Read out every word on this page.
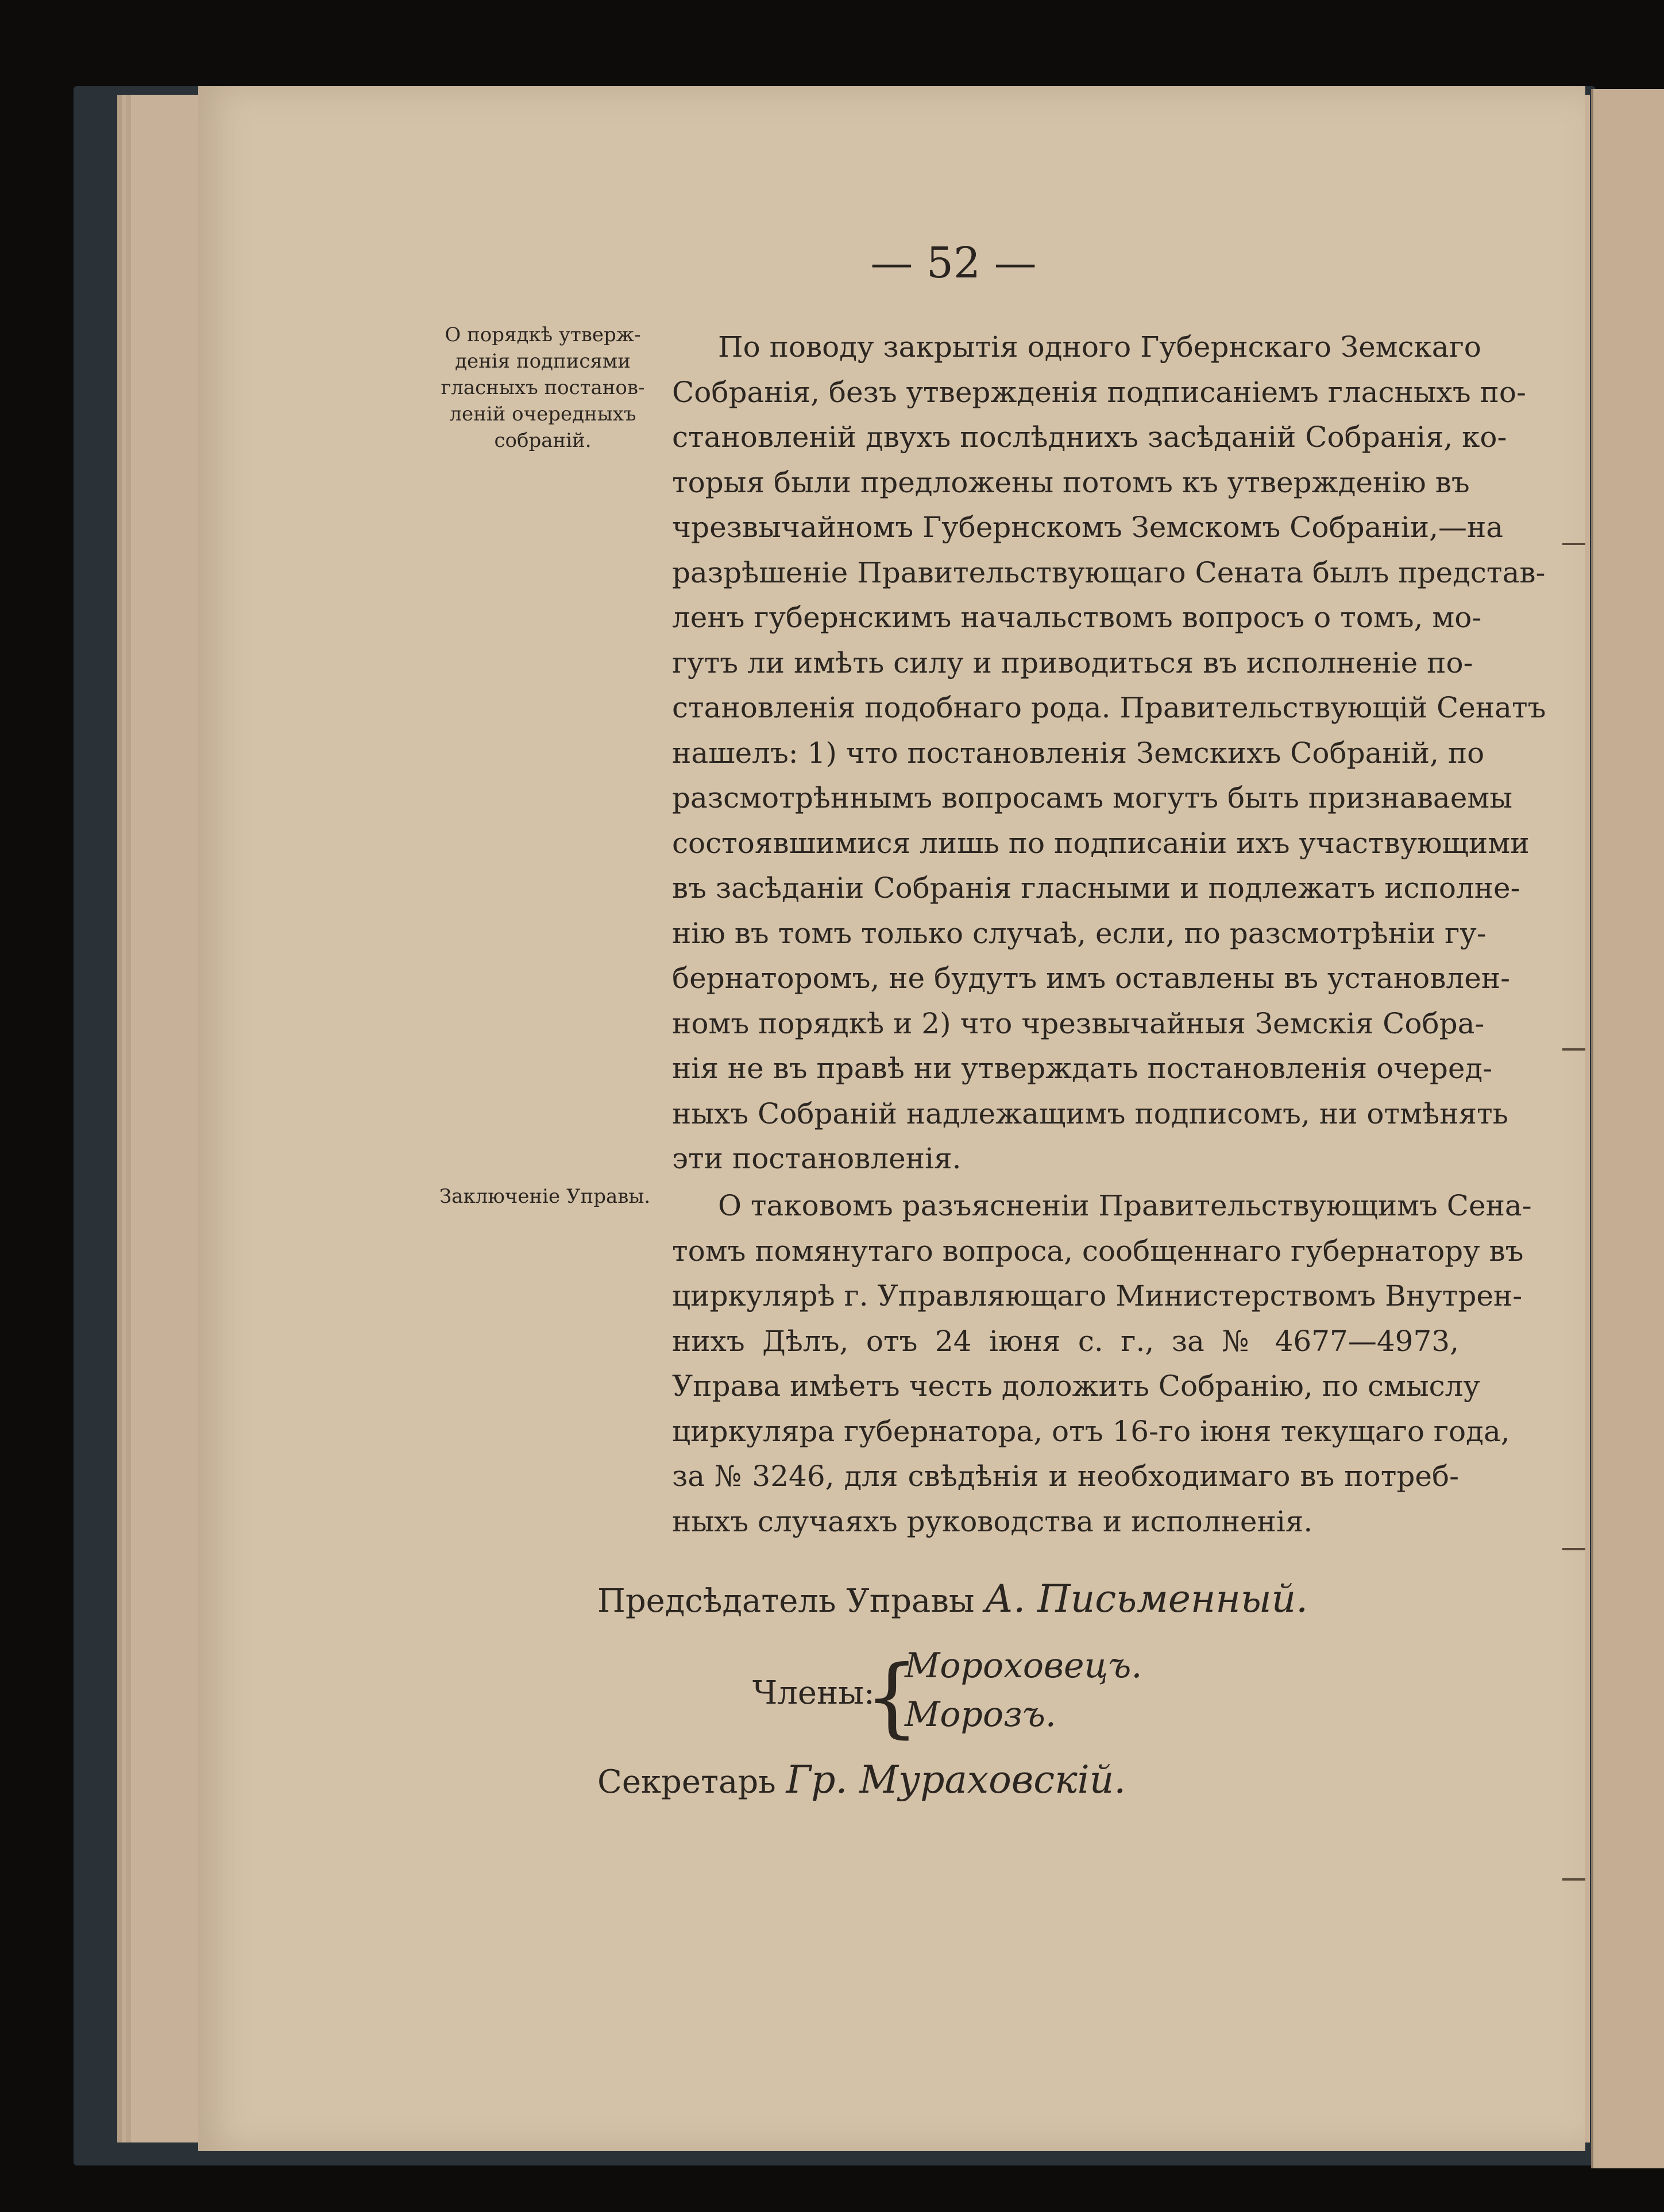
— 52 —
О порядкѣ утверж-
денія подписями
гласныхъ постанов-
леній очередныхъ
собраній.
По поводу закрытія одного Губернскаго Земскаго
Собранія, безъ утвержденія подписаніемъ гласныхъ по-
становленій двухъ послѣднихъ засѣданій Собранія, ко-
торыя были предложены потомъ къ утвержденію въ
чрезвычайномъ Губернскомъ Земскомъ Собраніи,—на
разрѣшеніе Правительствующаго Сената былъ представ-
ленъ губернскимъ начальствомъ вопросъ о томъ, мо-
гутъ ли имѣть силу и приводиться въ исполненіе по-
становленія подобнаго рода. Правительствующій Сенатъ
нашелъ: 1) что постановленія Земскихъ Собраній, по
разсмотрѣннымъ вопросамъ могутъ быть признаваемы
состоявшимися лишь по подписаніи ихъ участвующими
въ засѣданіи Собранія гласными и подлежатъ исполне-
нію въ томъ только случаѣ, если, по разсмотрѣніи гу-
бернаторомъ, не будутъ имъ оставлены въ установлен-
номъ порядкѣ и 2) что чрезвычайныя Земскія Собра-
нія не въ правѣ ни утверждать постановленія очеред-
ныхъ Собраній надлежащимъ подписомъ, ни отмѣнять
эти постановленія.
Заключеніе Управы.	О таковомъ разъясненіи Правительствующимъ Сена-
томъ помянутаго вопроса, сообщеннаго губернатору въ
циркулярѣ г. Управляющаго Министерствомъ Внутрен-
нихъ Дѣлъ, отъ 24 іюня с. г., за № 4677—4973,
Управа имѣетъ честь доложить Собранію, по смыслу
циркуляра губернатора, отъ 16-го іюня текущаго года,
за № 3246, для свѣдѣнія и необходимаго въ потреб-
ныхъ случаяхъ руководства и исполненія.
Предсѣдатель Управы А. Письменный.
Члены:
{
Мороховецъ.
Морозъ.
Секретарь Гр. Мураховскій.
